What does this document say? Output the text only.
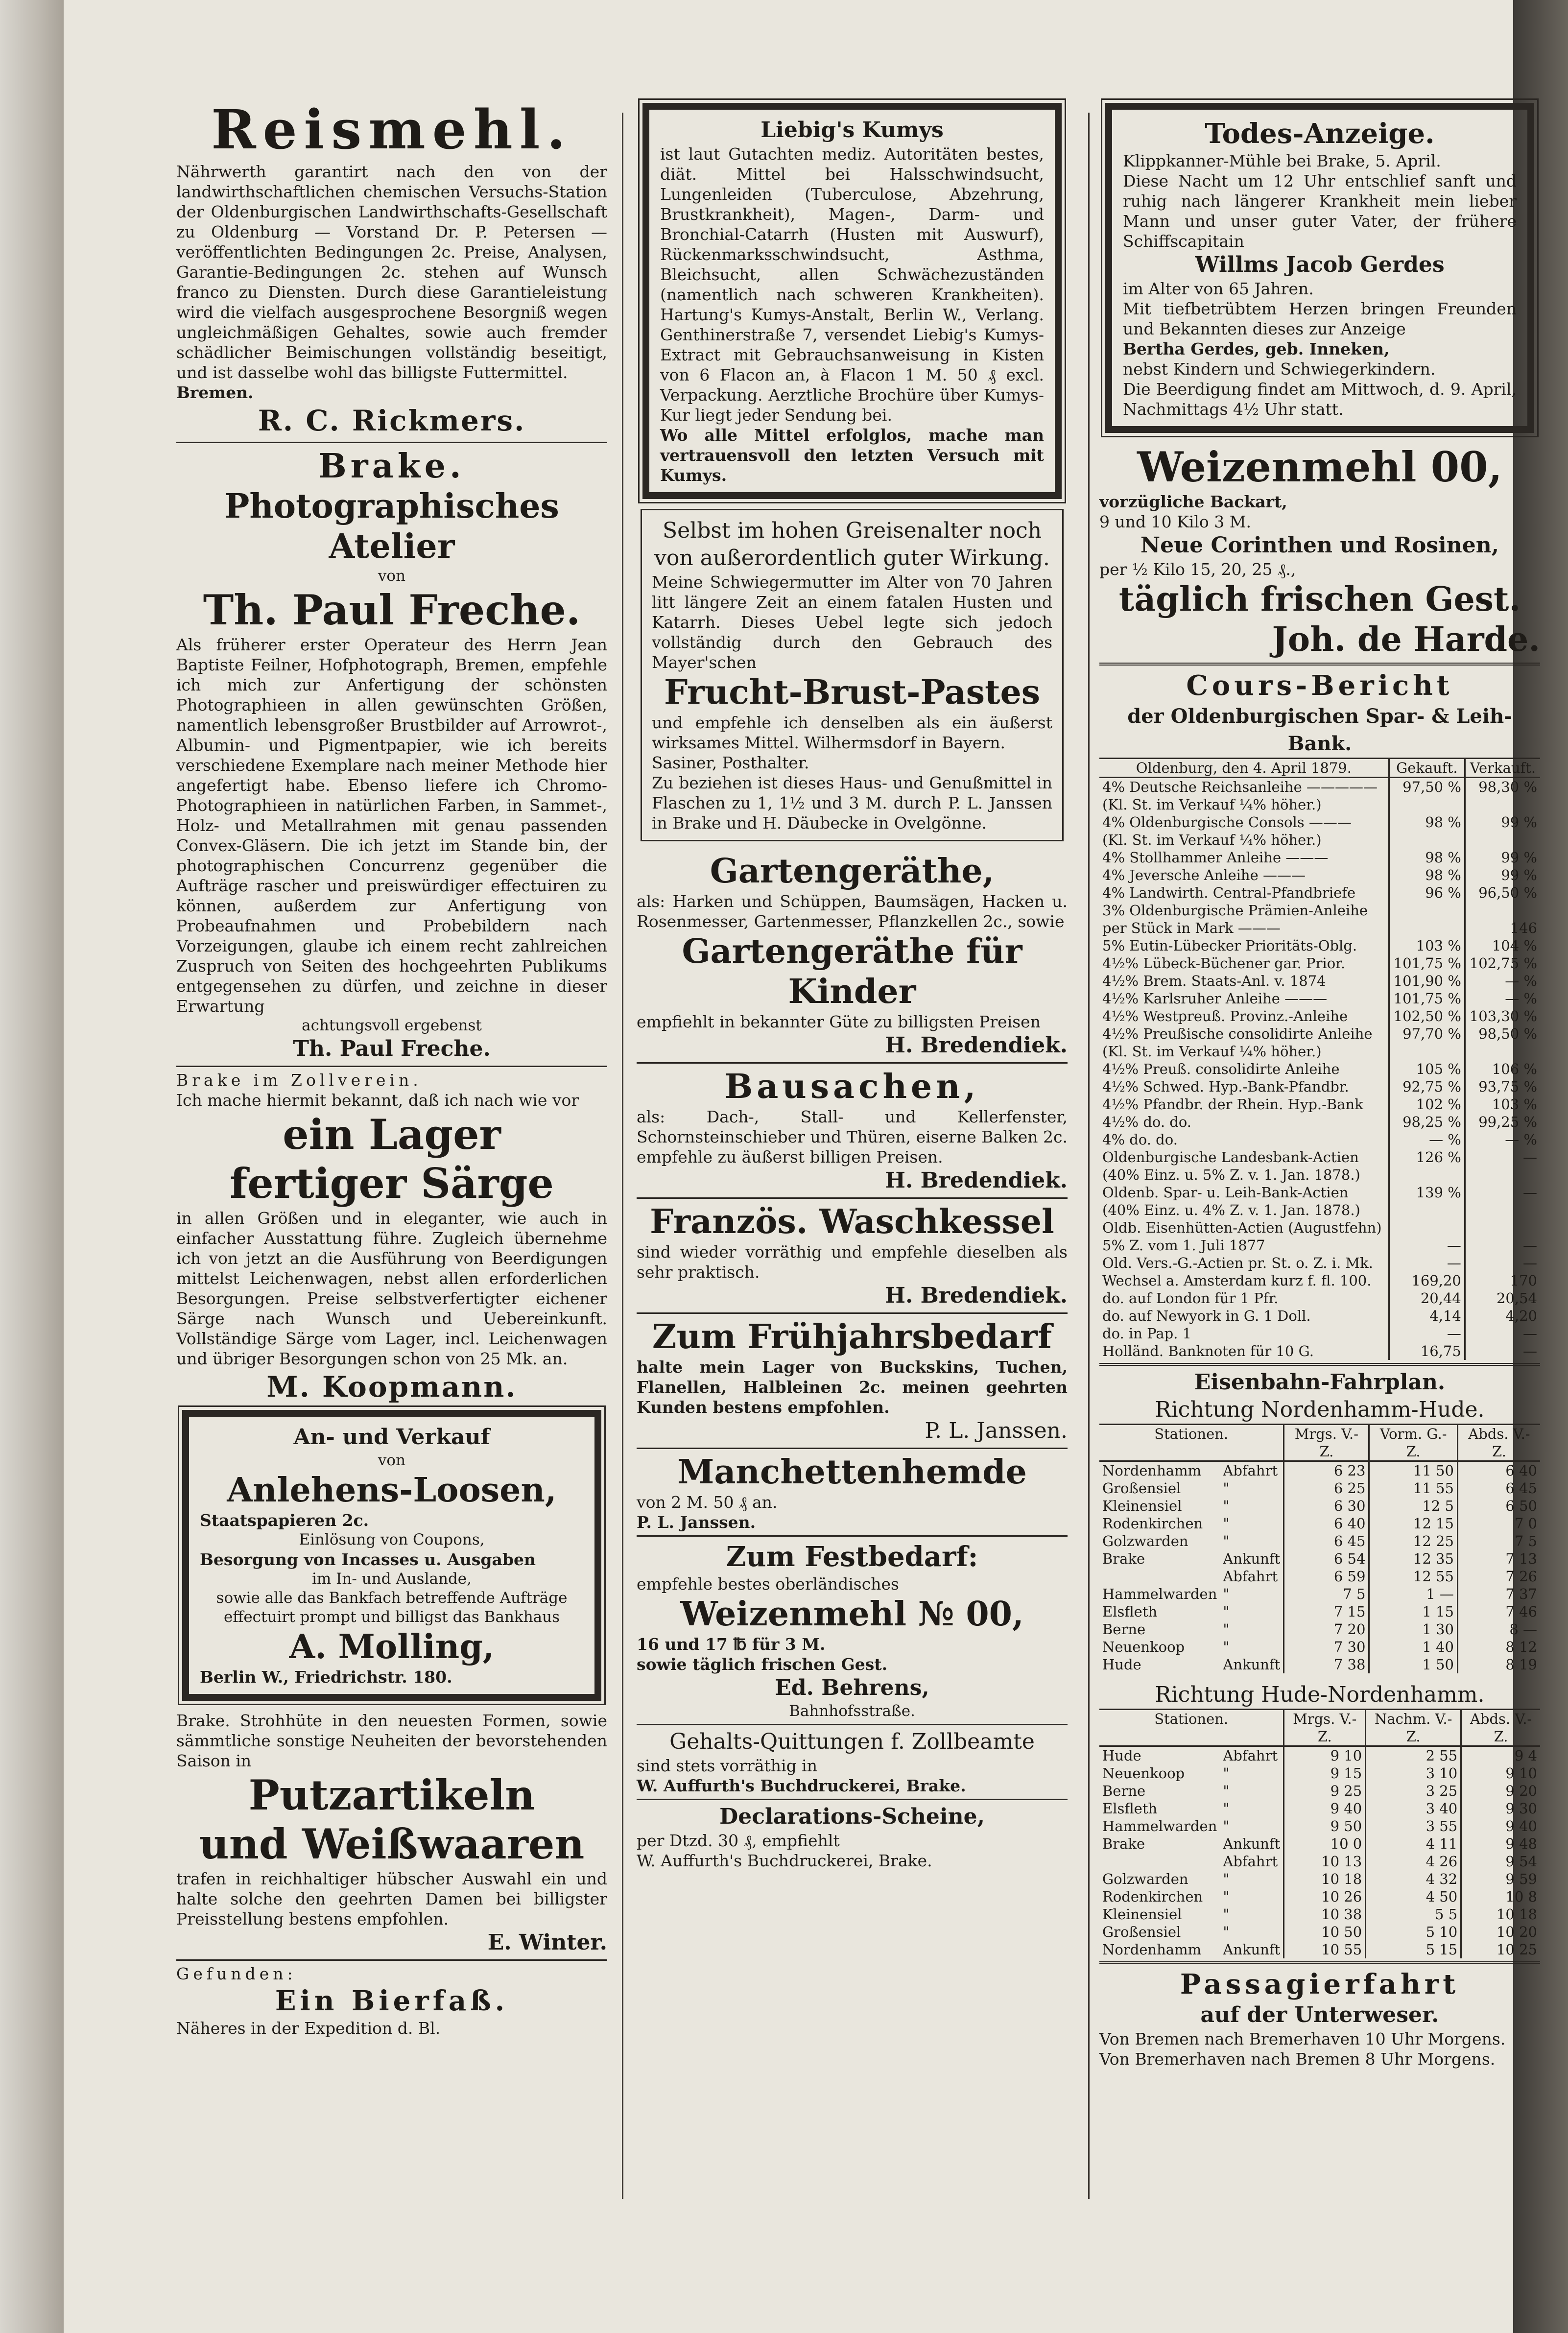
Reismehl.
Nährwerth garantirt nach den von der landwirthschaftlichen chemischen Versuchs-Station der Oldenburgischen Landwirthschafts-Gesellschaft zu Oldenburg — Vorstand Dr. P. Petersen — veröffentlichten Bedingungen 2c. Preise, Analysen, Garantie-Bedingungen 2c. stehen auf Wunsch franco zu Diensten. Durch diese Garantieleistung wird die vielfach ausgesprochene Besorgniß wegen ungleichmäßigen Gehaltes, sowie auch fremder schädlicher Beimischungen vollständig beseitigt, und ist dasselbe wohl das billigste Futtermittel.
Bremen.
R. C. Rickmers.
Brake.
Photographisches Atelier
von
Th. Paul Freche.
Als früherer erster Operateur des Herrn Jean Baptiste Feilner, Hofphotograph, Bremen, empfehle ich mich zur Anfertigung der schönsten Photographieen in allen gewünschten Größen, namentlich lebensgroßer Brustbilder auf Arrowrot-, Albumin- und Pigmentpapier, wie ich bereits verschiedene Exemplare nach meiner Methode hier angefertigt habe. Ebenso liefere ich Chromo-Photographieen in natürlichen Farben, in Sammet-, Holz- und Metallrahmen mit genau passenden Convex-Gläsern. Die ich jetzt im Stande bin, der photographischen Concurrenz gegenüber die Aufträge rascher und preiswürdiger effectuiren zu können, außerdem zur Anfertigung von Probeaufnahmen und Probebildern nach Vorzeigungen, glaube ich einem recht zahlreichen Zuspruch von Seiten des hochgeehrten Publikums entgegensehen zu dürfen, und zeichne in dieser Erwartung
achtungsvoll ergebenst
Th. Paul Freche.
Brake im Zollverein.
Ich mache hiermit bekannt, daß ich nach wie vor
ein Lager
fertiger Särge
in allen Größen und in eleganter, wie auch in einfacher Ausstattung führe. Zugleich übernehme ich von jetzt an die Ausführung von Beerdigungen mittelst Leichenwagen, nebst allen erforderlichen Besorgungen. Preise selbstverfertigter eichener Särge nach Wunsch und Uebereinkunft. Vollständige Särge vom Lager, incl. Leichenwagen und übriger Besorgungen schon von 25 Mk. an.
M. Koopmann.
An- und Verkauf
von
Anlehens-Loosen,
Staatspapieren 2c.
Einlösung von Coupons,
Besorgung von Incasses u. Ausgaben
im In- und Auslande,
sowie alle das Bankfach betreffende Aufträge effectuirt prompt und billigst das Bankhaus
A. Molling,
Berlin W., Friedrichstr. 180.
Brake. Strohhüte in den neuesten Formen, sowie sämmtliche sonstige Neuheiten der bevorstehenden Saison in
Putzartikeln
und Weißwaaren
trafen in reichhaltiger hübscher Auswahl ein und halte solche den geehrten Damen bei billigster Preisstellung bestens empfohlen.
E. Winter.
Gefunden:
Ein Bierfaß.
Näheres in der Expedition d. Bl.
Liebig's Kumys
ist laut Gutachten mediz. Autoritäten bestes, diät. Mittel bei Halsschwindsucht, Lungenleiden (Tuberculose, Abzehrung, Brustkrankheit), Magen-, Darm- und Bronchial-Catarrh (Husten mit Auswurf), Rückenmarksschwindsucht, Asthma, Bleichsucht, allen Schwächezuständen (namentlich nach schweren Krankheiten). Hartung's Kumys-Anstalt, Berlin W., Verlang. Genthinerstraße 7, versendet Liebig's Kumys-Extract mit Gebrauchsanweisung in Kisten von 6 Flacon an, à Flacon 1 M. 50 ₰ excl. Verpackung. Aerztliche Brochüre über Kumys-Kur liegt jeder Sendung bei.
Wo alle Mittel erfolglos, mache man vertrauensvoll den letzten Versuch mit Kumys.
Selbst im hohen Greisenalter noch von außerordentlich guter Wirkung.
Meine Schwiegermutter im Alter von 70 Jahren litt längere Zeit an einem fatalen Husten und Katarrh. Dieses Uebel legte sich jedoch vollständig durch den Gebrauch des Mayer'schen
Frucht-Brust-Pastes
und empfehle ich denselben als ein äußerst wirksames Mittel. Wilhermsdorf in Bayern.
Sasiner, Posthalter.
Zu beziehen ist dieses Haus- und Genußmittel in Flaschen zu 1, 1½ und 3 M. durch P. L. Janssen in Brake und H. Däubecke in Ovelgönne.
Gartengeräthe,
als: Harken und Schüppen, Baumsägen, Hacken u. Rosenmesser, Gartenmesser, Pflanzkellen 2c., sowie
Gartengeräthe für Kinder
empfiehlt in bekannter Güte zu billigsten Preisen
H. Bredendiek.
Bausachen,
als: Dach-, Stall- und Kellerfenster, Schornsteinschieber und Thüren, eiserne Balken 2c. empfehle zu äußerst billigen Preisen.
H. Bredendiek.
Französ. Waschkessel
sind wieder vorräthig und empfehle dieselben als sehr praktisch.
H. Bredendiek.
Zum Frühjahrsbedarf
halte mein Lager von Buckskins, Tuchen, Flanellen, Halbleinen 2c. meinen geehrten Kunden bestens empfohlen.
P. L. Janssen.
Manchettenhemde
von 2 M. 50 ₰ an.
P. L. Janssen.
Zum Festbedarf:
empfehle bestes oberländisches
Weizenmehl № 00,
16 und 17 ℔ für 3 M.
sowie täglich frischen Gest.
Ed. Behrens,
Bahnhofsstraße.
Gehalts-Quittungen f. Zollbeamte
sind stets vorräthig in
W. Auffurth's Buchdruckerei, Brake.
Declarations-Scheine,
per Dtzd. 30 ₰, empfiehlt
W. Auffurth's Buchdruckerei, Brake.
Todes-Anzeige.
Klippkanner-Mühle bei Brake, 5. April.
Diese Nacht um 12 Uhr entschlief sanft und ruhig nach längerer Krankheit mein lieber Mann und unser guter Vater, der frühere Schiffscapitain
Willms Jacob Gerdes
im Alter von 65 Jahren.
Mit tiefbetrübtem Herzen bringen Freunden und Bekannten dieses zur Anzeige
Bertha Gerdes, geb. Inneken,
nebst Kindern und Schwiegerkindern.
Die Beerdigung findet am Mittwoch, d. 9. April, Nachmittags 4½ Uhr statt.
Weizenmehl 00,
vorzügliche Backart,
9 und 10 Kilo 3 M.
Neue Corinthen und Rosinen,
per ½ Kilo 15, 20, 25 ₰.,
täglich frischen Gest.
Joh. de Harde.
Cours-Bericht
der Oldenburgischen Spar- & Leih-Bank.
Oldenburg, den 4. April 1879.	Gekauft.	Verkauft.
4% Deutsche Reichsanleihe —————	97,50 %	98,30 %
(Kl. St. im Verkauf ¼% höher.)		
4% Oldenburgische Consols ———	98 %	99 %
(Kl. St. im Verkauf ¼% höher.)		
4% Stollhammer Anleihe ———	98 %	99 %
4% Jeversche Anleihe ———	98 %	99 %
4% Landwirth. Central-Pfandbriefe	96 %	96,50 %
3% Oldenburgische Prämien-Anleihe		
per Stück in Mark ———		146
5% Eutin-Lübecker Prioritäts-Oblg.	103 %	104 %
4½% Lübeck-Büchener gar. Prior.	101,75 %	102,75 %
4½% Brem. Staats-Anl. v. 1874	101,90 %	— %
4½% Karlsruher Anleihe ———	101,75 %	— %
4½% Westpreuß. Provinz.-Anleihe	102,50 %	103,30 %
4½% Preußische consolidirte Anleihe	97,70 %	98,50 %
(Kl. St. im Verkauf ¼% höher.)		
4½% Preuß. consolidirte Anleihe	105 %	106 %
4½% Schwed. Hyp.-Bank-Pfandbr.	92,75 %	93,75 %
4½% Pfandbr. der Rhein. Hyp.-Bank	102 %	103 %
4½% do. do.	98,25 %	99,25 %
4% do. do.	— %	— %
Oldenburgische Landesbank-Actien	126 %	—
(40% Einz. u. 5% Z. v. 1. Jan. 1878.)		
Oldenb. Spar- u. Leih-Bank-Actien	139 %	—
(40% Einz. u. 4% Z. v. 1. Jan. 1878.)		
Oldb. Eisenhütten-Actien (Augustfehn)		
5% Z. vom 1. Juli 1877	—	—
Old. Vers.-G.-Actien pr. St. o. Z. i. Mk.	—	—
Wechsel a. Amsterdam kurz f. fl. 100.	169,20	170
do. auf London für 1 Pfr.	20,44	20,54
do. auf Newyork in G. 1 Doll.	4,14	4,20
do. in Pap. 1	—	—
Holländ. Banknoten für 10 G.	16,75	—
Eisenbahn-Fahrplan.
Richtung Nordenhamm-Hude.
Stationen.		Mrgs. V.-Z.	Vorm. G.-Z.	Abds. V.-Z.
Nordenhamm	Abfahrt	6 23	11 50	6 40
Großensiel	"	6 25	11 55	6 45
Kleinensiel	"	6 30	12 5	6 50
Rodenkirchen	"	6 40	12 15	7 0
Golzwarden	"	6 45	12 25	7 5
Brake	Ankunft	6 54	12 35	7 13
	Abfahrt	6 59	12 55	7 26
Hammelwarden	"	7 5	1 —	7 37
Elsfleth	"	7 15	1 15	7 46
Berne	"	7 20	1 30	8 —
Neuenkoop	"	7 30	1 40	8 12
Hude	Ankunft	7 38	1 50	8 19
Richtung Hude-Nordenhamm.
Stationen.		Mrgs. V.-Z.	Nachm. V.-Z.	Abds. V.-Z.
Hude	Abfahrt	9 10	2 55	9 4
Neuenkoop	"	9 15	3 10	9 10
Berne	"	9 25	3 25	9 20
Elsfleth	"	9 40	3 40	9 30
Hammelwarden	"	9 50	3 55	9 40
Brake	Ankunft	10 0	4 11	9 48
	Abfahrt	10 13	4 26	9 54
Golzwarden	"	10 18	4 32	9 59
Rodenkirchen	"	10 26	4 50	10 8
Kleinensiel	"	10 38	5 5	10 18
Großensiel	"	10 50	5 10	10 20
Nordenhamm	Ankunft	10 55	5 15	10 25
Passagierfahrt
auf der Unterweser.
Von Bremen nach Bremerhaven 10 Uhr Morgens.
Von Bremerhaven nach Bremen 8 Uhr Morgens.
